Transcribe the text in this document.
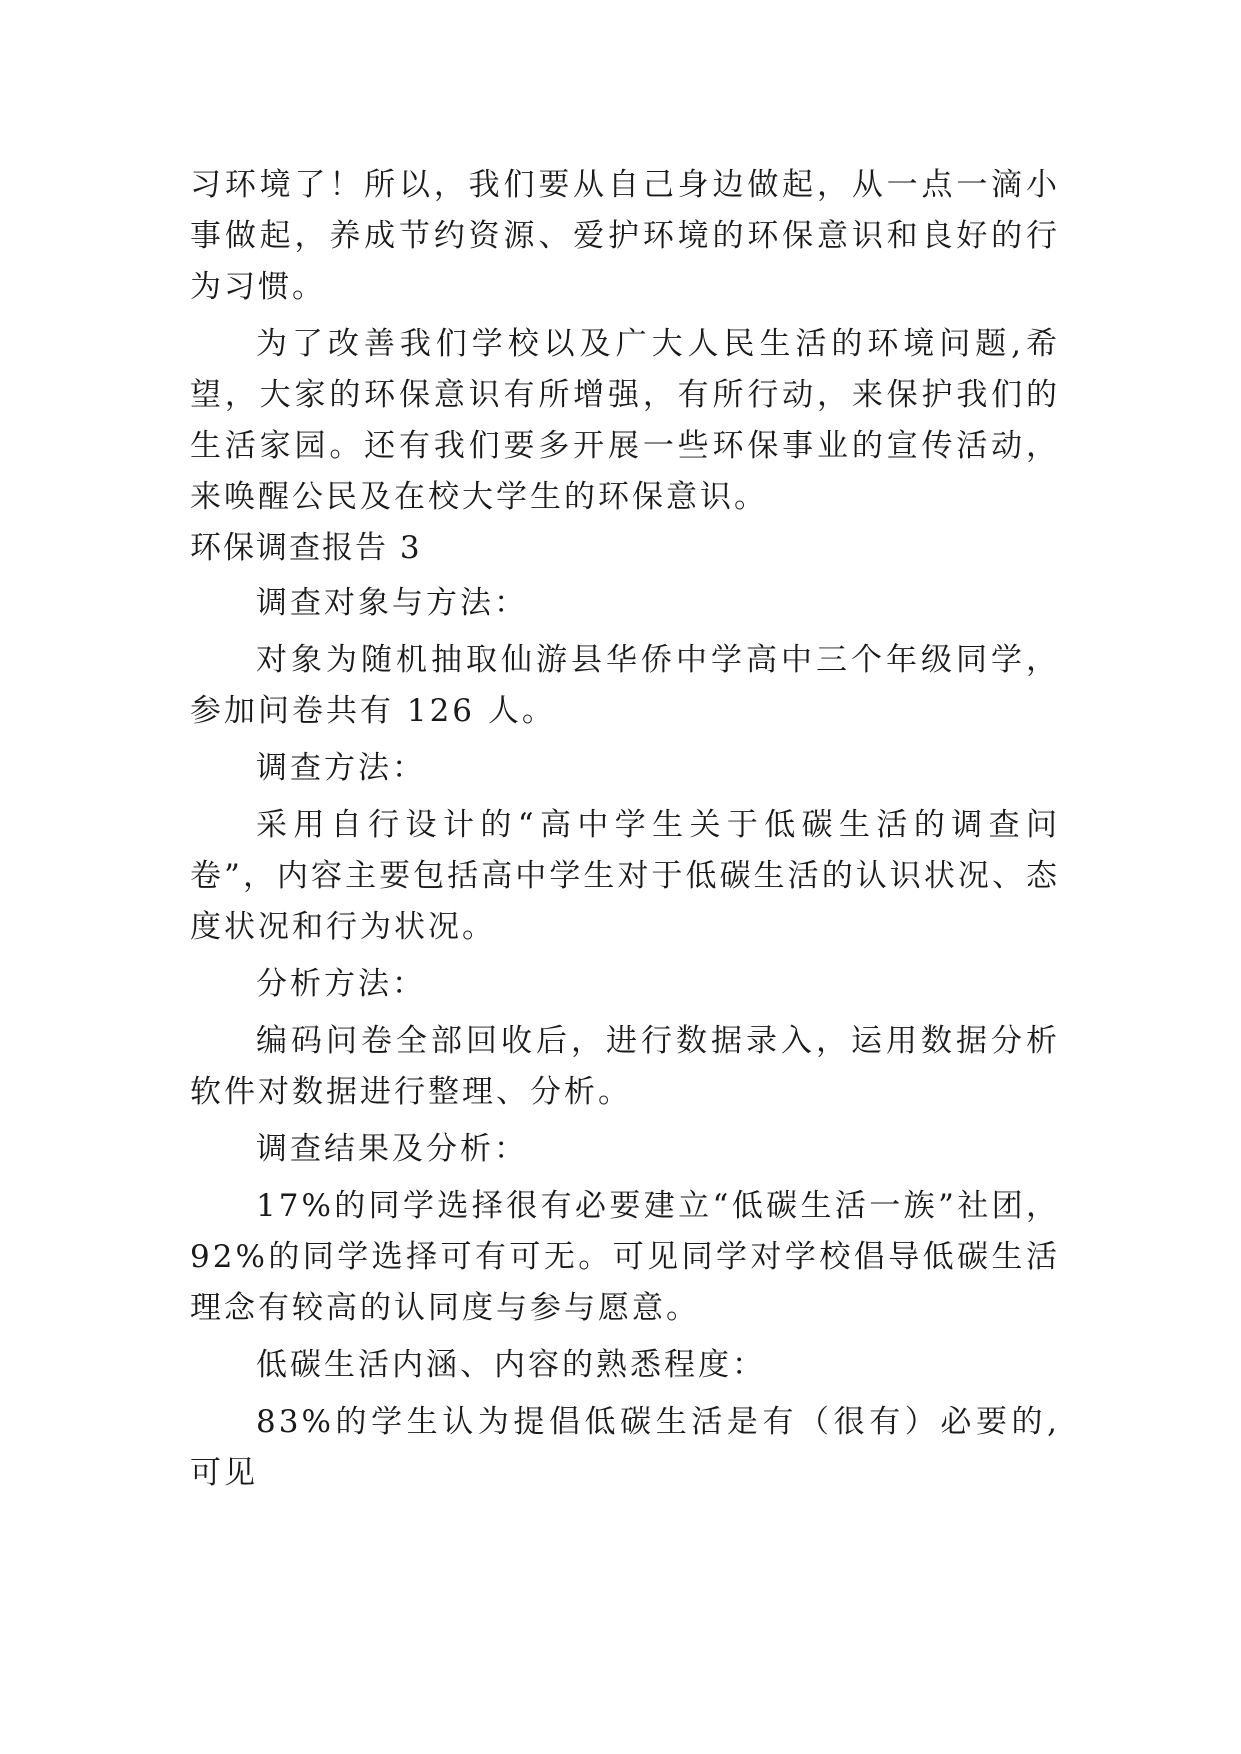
习环境了！所以，我们要从自己身边做起，从一点一滴小事做起，养成节约资源、爱护环境的环保意识和良好的行为习惯。

为了改善我们学校以及广大人民生活的环境问题,希望，大家的环保意识有所增强，有所行动，来保护我们的生活家园。还有我们要多开展一些环保事业的宣传活动，来唤醒公民及在校大学生的环保意识。

环保调查报告 3

调查对象与方法：

对象为随机抽取仙游县华侨中学高中三个年级同学，参加问卷共有 126 人。

调查方法：

采用自行设计的“高中学生关于低碳生活的调查问卷”，内容主要包括高中学生对于低碳生活的认识状况、态度状况和行为状况。

分析方法：

编码问卷全部回收后，进行数据录入，运用数据分析软件对数据进行整理、分析。

调查结果及分析：

17%的同学选择很有必要建立“低碳生活一族”社团，92%的同学选择可有可无。可见同学对学校倡导低碳生活理念有较高的认同度与参与愿意。

低碳生活内涵、内容的熟悉程度：

83%的学生认为提倡低碳生活是有（很有）必要的,可见
